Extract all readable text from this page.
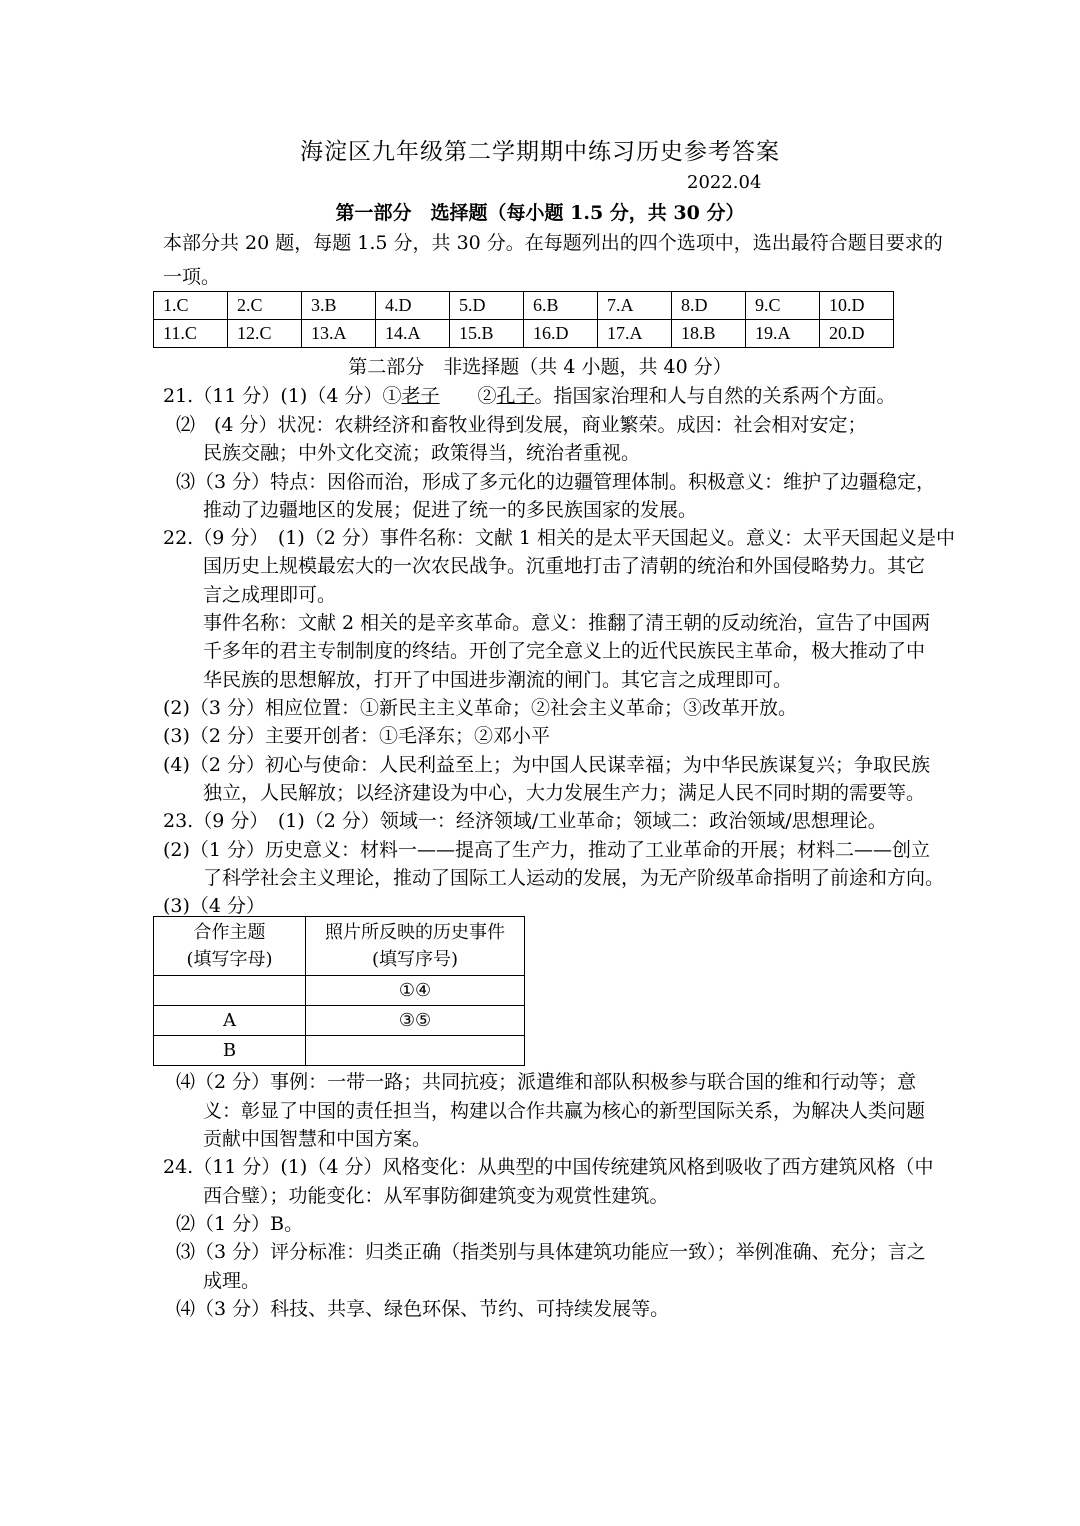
海淀区九年级第二学期期中练习历史参考答案
2022.04
第一部分　选择题（每小题 1.5 分，共 30 分）
本部分共 20 题，每题 1.5 分，共 30 分。在每题列出的四个选项中，选出最符合题目要求的
一项。
1.C	2.C	3.B	4.D	5.D	6.B	7.A	8.D	9.C	10.D
11.C	12.C	13.A	14.A	15.B	16.D	17.A	18.B	19.A	20.D
第二部分　非选择题（共 4 小题，共 40 分）
21.（11 分）(1)（4 分）①老子　　②孔子。指国家治理和人与自然的关系两个方面。
⑵　(4 分）状况：农耕经济和畜牧业得到发展，商业繁荣。成因：社会相对安定；
民族交融；中外文化交流；政策得当，统治者重视。
⑶（3 分）特点：因俗而治，形成了多元化的边疆管理体制。积极意义：维护了边疆稳定，
推动了边疆地区的发展；促进了统一的多民族国家的发展。
22.（9 分）　(1)（2 分）事件名称：文献 1 相关的是太平天国起义。意义：太平天国起义是中
国历史上规模最宏大的一次农民战争。沉重地打击了清朝的统治和外国侵略势力。其它
言之成理即可。
事件名称：文献 2 相关的是辛亥革命。意义：推翻了清王朝的反动统治，宣告了中国两
千多年的君主专制制度的终结。开创了完全意义上的近代民族民主革命，极大推动了中
华民族的思想解放，打开了中国进步潮流的闸门。其它言之成理即可。
(2)（3 分）相应位置：①新民主主义革命；②社会主义革命；③改革开放。
(3)（2 分）主要开创者：①毛泽东；②邓小平
(4)（2 分）初心与使命：人民利益至上；为中国人民谋幸福；为中华民族谋复兴；争取民族
独立，人民解放；以经济建设为中心，大力发展生产力；满足人民不同时期的需要等。
23.（9 分）　(1)（2 分）领域一：经济领域/工业革命；领域二：政治领域/思想理论。
(2)（1 分）历史意义：材料一——提高了生产力，推动了工业革命的开展；材料二——创立
了科学社会主义理论，推动了国际工人运动的发展，为无产阶级革命指明了前途和方向。
(3)（4 分）
合作主题
(填写字母)	照片所反映的历史事件
(填写序号)
	①④
A	③⑤
B	
⑷（2 分）事例：一带一路；共同抗疫；派遣维和部队积极参与联合国的维和行动等；意
义：彰显了中国的责任担当，构建以合作共赢为核心的新型国际关系，为解决人类问题
贡献中国智慧和中国方案。
24.（11 分）(1)（4 分）风格变化：从典型的中国传统建筑风格到吸收了西方建筑风格（中
西合璧）；功能变化：从军事防御建筑变为观赏性建筑。
⑵（1 分）B。
⑶（3 分）评分标准：归类正确（指类别与具体建筑功能应一致）；举例准确、充分；言之
成理。
⑷（3 分）科技、共享、绿色环保、节约、可持续发展等。
